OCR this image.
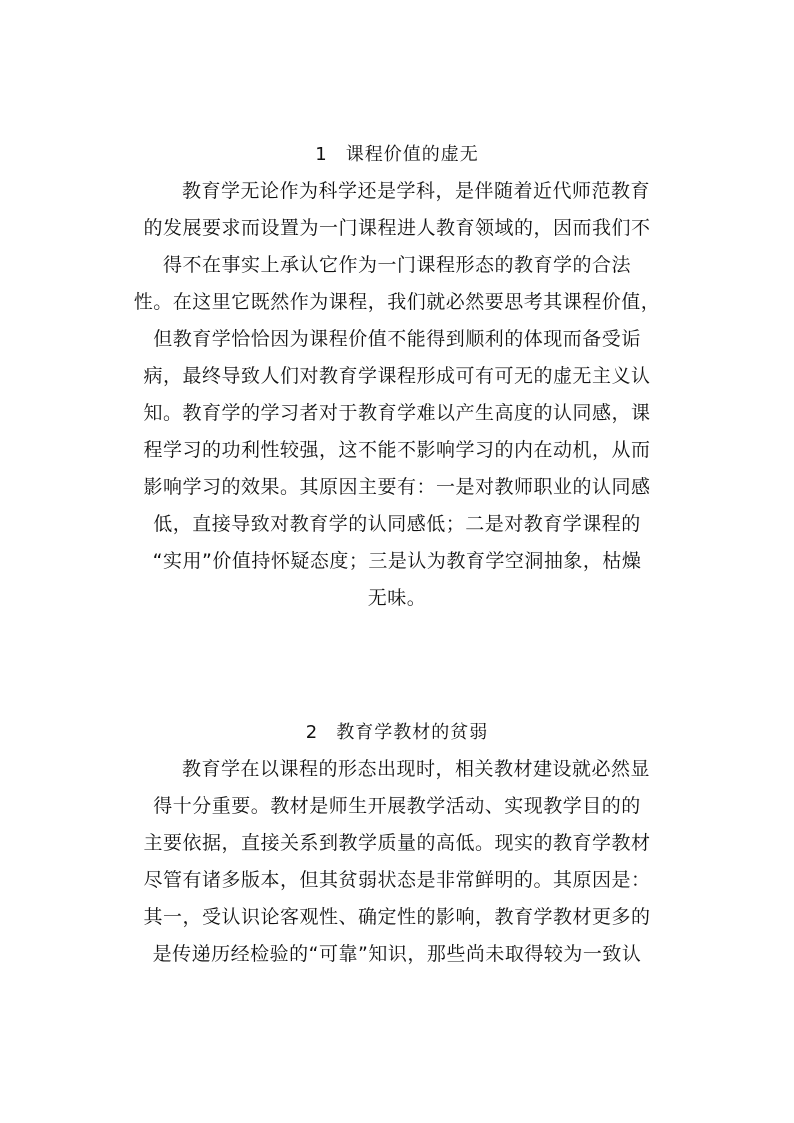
1 课程价值的虚无
教育学无论作为科学还是学科，是伴随着近代师范教育
的发展要求而设置为一门课程进人教育领域的，因而我们不
得不在事实上承认它作为一门课程形态的教育学的合法
性。在这里它既然作为课程，我们就必然要思考其课程价值，
但教育学恰恰因为课程价值不能得到顺利的体现而备受诟
病，最终导致人们对教育学课程形成可有可无的虚无主义认
知。教育学的学习者对于教育学难以产生高度的认同感，课
程学习的功利性较强，这不能不影响学习的内在动机，从而
影响学习的效果。其原因主要有：一是对教师职业的认同感
低，直接导致对教育学的认同感低；二是对教育学课程的
“实用”价值持怀疑态度；三是认为教育学空洞抽象，枯燥
无味。
2 教育学教材的贫弱
教育学在以课程的形态出现时，相关教材建设就必然显
得十分重要。教材是师生开展教学活动、实现教学目的的
主要依据，直接关系到教学质量的高低。现实的教育学教材
尽管有诸多版本，但其贫弱状态是非常鲜明的。其原因是：
其一，受认识论客观性、确定性的影响，教育学教材更多的
是传递历经检验的“可靠”知识，那些尚未取得较为一致认
